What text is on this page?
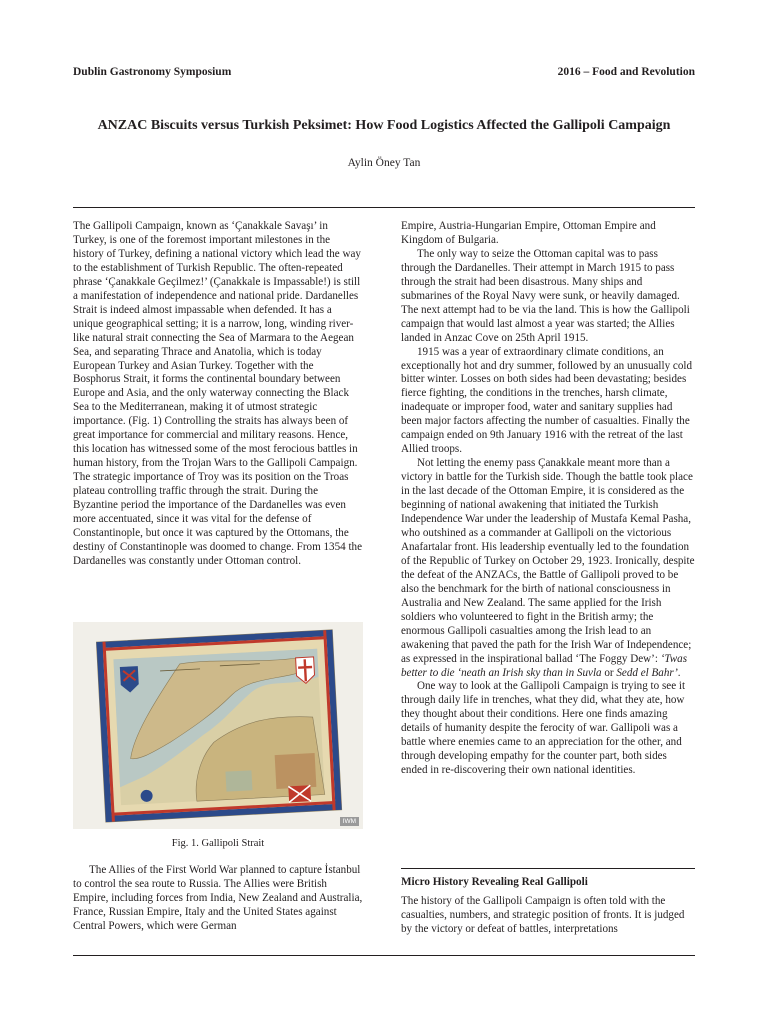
Dublin Gastronomy Symposium	2016 – Food and Revolution
ANZAC Biscuits versus Turkish Peksimet: How Food Logistics Affected the Gallipoli Campaign
Aylin Öney Tan

The Gallipoli Campaign, known as ‘Çanakkale Savaşı’ in Turkey, is one of the foremost important milestones in the history of Turkey, defining a national victory which lead the way to the establishment of Turkish Republic. The often-repeated phrase ‘Çanakkale Geçilmez!’ (Çanakkale is Impassable!) is still a manifestation of independence and national pride. Dardanelles Strait is indeed almost impassable when defended. It has a unique geographical setting; it is a narrow, long, winding river-like natural strait connecting the Sea of Marmara to the Aegean Sea, and separating Thrace and Anatolia, which is today European Turkey and Asian Turkey. Together with the Bosphorus Strait, it forms the continental boundary between Europe and Asia, and the only waterway connecting the Black Sea to the Mediterranean, making it of utmost strategic importance. (Fig. 1) Controlling the straits has always been of great importance for commercial and military reasons. Hence, this location has witnessed some of the most ferocious battles in human history, from the Trojan Wars to the Gallipoli Campaign. The strategic importance of Troy was its position on the Troas plateau controlling traffic through the strait. During the Byzantine period the importance of the Dardanelles was even more accentuated, since it was vital for the defense of Constantinople, but once it was captured by the Ottomans, the destiny of Constantinople was doomed to change. From 1354 the Dardanelles was constantly under Ottoman control.

IWM
Fig. 1. Gallipoli Strait

The Allies of the First World War planned to capture İstanbul to control the sea route to Russia. The Allies were British Empire, including forces from India, New Zealand and Australia, France, Russian Empire, Italy and the United States against Central Powers, which were German

Empire, Austria-Hungarian Empire, Ottoman Empire and Kingdom of Bulgaria.

The only way to seize the Ottoman capital was to pass through the Dardanelles. Their attempt in March 1915 to pass through the strait had been disastrous. Many ships and submarines of the Royal Navy were sunk, or heavily damaged. The next attempt had to be via the land. This is how the Gallipoli campaign that would last almost a year was started; the Allies landed in Anzac Cove on 25th April 1915.

1915 was a year of extraordinary climate conditions, an exceptionally hot and dry summer, followed by an unusually cold bitter winter. Losses on both sides had been devastating; besides fierce fighting, the conditions in the trenches, harsh climate, inadequate or improper food, water and sanitary supplies had been major factors affecting the number of casualties. Finally the campaign ended on 9th January 1916 with the retreat of the last Allied troops.

Not letting the enemy pass Çanakkale meant more than a victory in battle for the Turkish side. Though the battle took place in the last decade of the Ottoman Empire, it is considered as the beginning of national awakening that initiated the Turkish Independence War under the leadership of Mustafa Kemal Pasha, who outshined as a commander at Gallipoli on the victorious Anafartalar front. His leadership eventually led to the foundation of the Republic of Turkey on October 29, 1923. Ironically, despite the defeat of the ANZACs, the Battle of Gallipoli proved to be also the benchmark for the birth of national consciousness in Australia and New Zealand. The same applied for the Irish soldiers who volunteered to fight in the British army; the enormous Gallipoli casualties among the Irish lead to an awakening that paved the path for the Irish War of Independence; as expressed in the inspirational ballad ‘The Foggy Dew’: ‘Twas better to die ‘neath an Irish sky than in Suvla or Sedd el Bahr’.

One way to look at the Gallipoli Campaign is trying to see it through daily life in trenches, what they did, what they ate, how they thought about their conditions. Here one finds amazing details of humanity despite the ferocity of war. Gallipoli was a battle where enemies came to an appreciation for the other, and through developing empathy for the counter part, both sides ended in re-discovering their own national identities.

Micro History Revealing Real Gallipoli

The history of the Gallipoli Campaign is often told with the casualties, numbers, and strategic position of fronts. It is judged by the victory or defeat of battles, interpretations
